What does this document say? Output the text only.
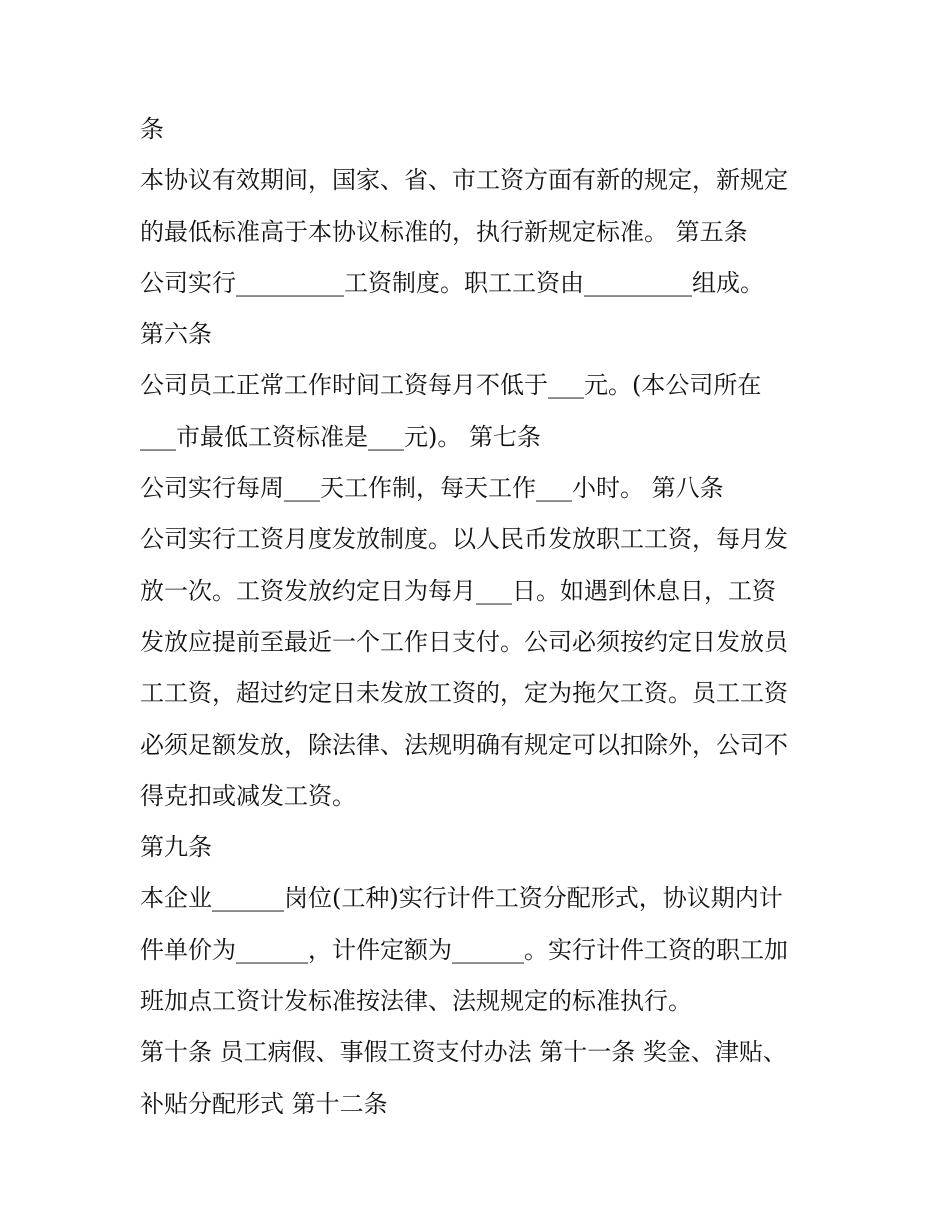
条
本协议有效期间，国家、省、市工资方面有新的规定，新规定
的最低标准高于本协议标准的，执行新规定标准。 第五条
公司实行_________工资制度。职工工资由_________组成。
第六条
公司员工正常工作时间工资每月不低于___元。(本公司所在
___市最低工资标准是___元)。 第七条
公司实行每周___天工作制，每天工作___小时。 第八条
公司实行工资月度发放制度。以人民币发放职工工资，每月发
放一次。工资发放约定日为每月___日。如遇到休息日，工资
发放应提前至最近一个工作日支付。公司必须按约定日发放员
工工资，超过约定日未发放工资的，定为拖欠工资。员工工资
必须足额发放，除法律、法规明确有规定可以扣除外，公司不
得克扣或减发工资。
第九条
本企业______岗位(工种)实行计件工资分配形式，协议期内计
件单价为______，计件定额为______。实行计件工资的职工加
班加点工资计发标准按法律、法规规定的标准执行。
第十条 员工病假、事假工资支付办法 第十一条 奖金、津贴、
补贴分配形式 第十二条
